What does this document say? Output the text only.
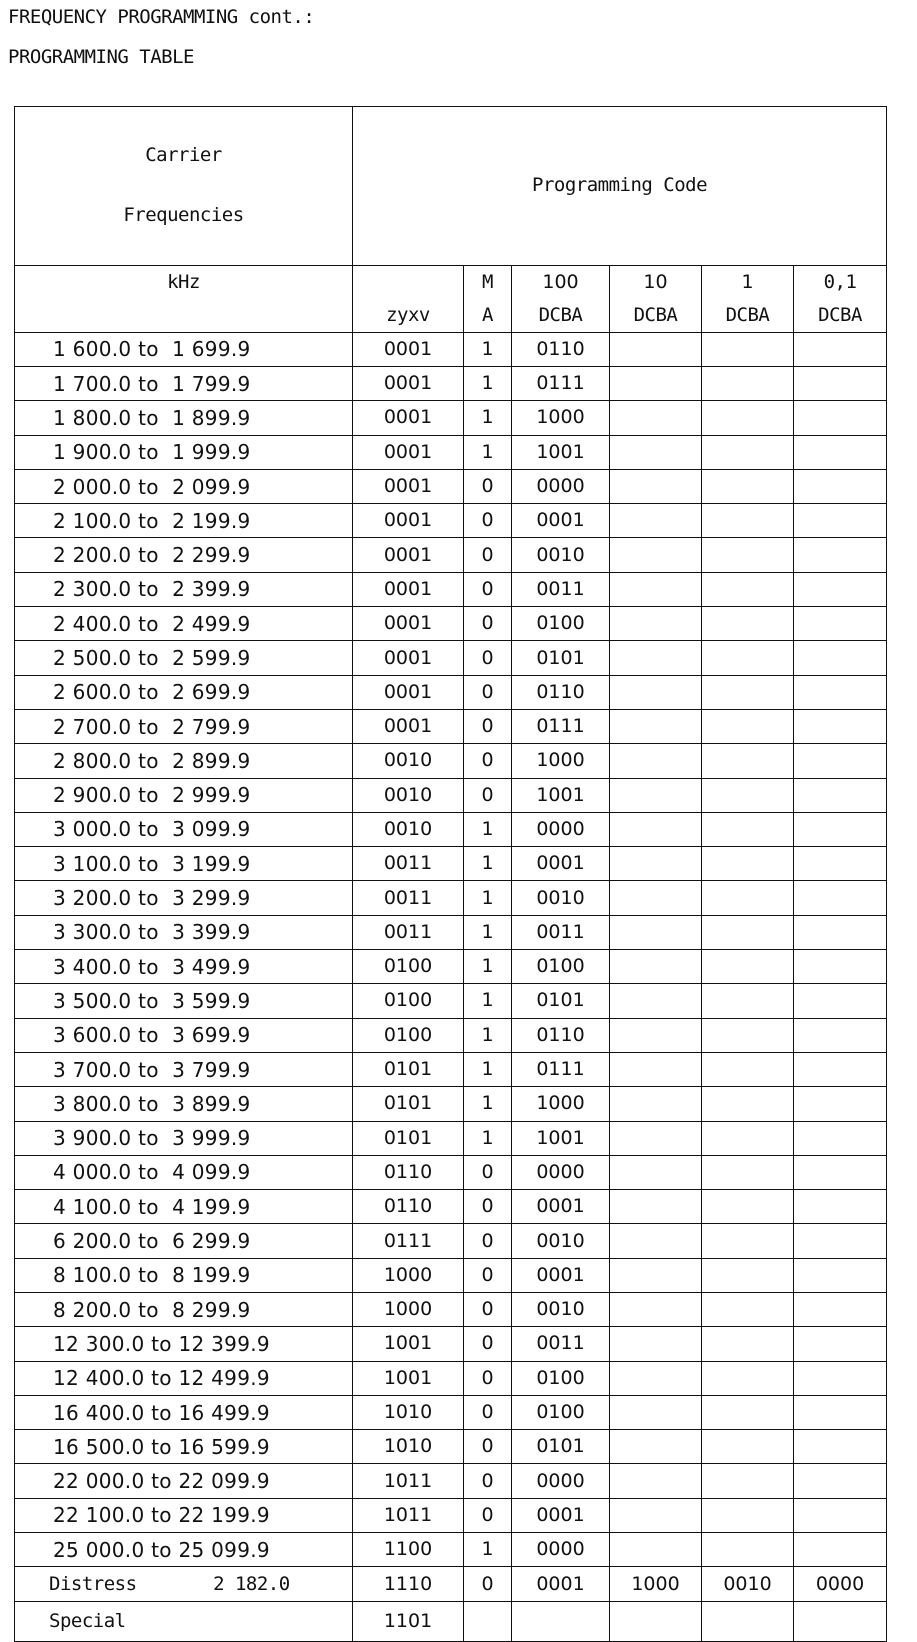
FREQUENCY PROGRAMMING cont.:
PROGRAMMING TABLE

Carrier

Frequencies	Programming Code					
kHz		M	100	10	1	0,1
	zyxv	A	DCBA	DCBA	DCBA	DCBA
1 600.0 to  1 699.9	0001	1	0110			
1 700.0 to  1 799.9	0001	1	0111			
1 800.0 to  1 899.9	0001	1	1000			
1 900.0 to  1 999.9	0001	1	1001			
2 000.0 to  2 099.9	0001	0	0000			
2 100.0 to  2 199.9	0001	0	0001			
2 200.0 to  2 299.9	0001	0	0010			
2 300.0 to  2 399.9	0001	0	0011			
2 400.0 to  2 499.9	0001	0	0100			
2 500.0 to  2 599.9	0001	0	0101			
2 600.0 to  2 699.9	0001	0	0110			
2 700.0 to  2 799.9	0001	0	0111			
2 800.0 to  2 899.9	0010	0	1000			
2 900.0 to  2 999.9	0010	0	1001			
3 000.0 to  3 099.9	0010	1	0000			
3 100.0 to  3 199.9	0011	1	0001			
3 200.0 to  3 299.9	0011	1	0010			
3 300.0 to  3 399.9	0011	1	0011			
3 400.0 to  3 499.9	0100	1	0100			
3 500.0 to  3 599.9	0100	1	0101			
3 600.0 to  3 699.9	0100	1	0110			
3 700.0 to  3 799.9	0101	1	0111			
3 800.0 to  3 899.9	0101	1	1000			
3 900.0 to  3 999.9	0101	1	1001			
4 000.0 to  4 099.9	0110	0	0000			
4 100.0 to  4 199.9	0110	0	0001			
6 200.0 to  6 299.9	0111	0	0010			
8 100.0 to  8 199.9	1000	0	0001			
8 200.0 to  8 299.9	1000	0	0010			
12 300.0 to 12 399.9	1001	0	0011			
12 400.0 to 12 499.9	1001	0	0100			
16 400.0 to 16 499.9	1010	0	0100			
16 500.0 to 16 599.9	1010	0	0101			
22 000.0 to 22 099.9	1011	0	0000			
22 100.0 to 22 199.9	1011	0	0001			
25 000.0 to 25 099.9	1100	1	0000			
Distress       2 182.0	1110	0	0001	1000	0010	0000
Special	1101					
